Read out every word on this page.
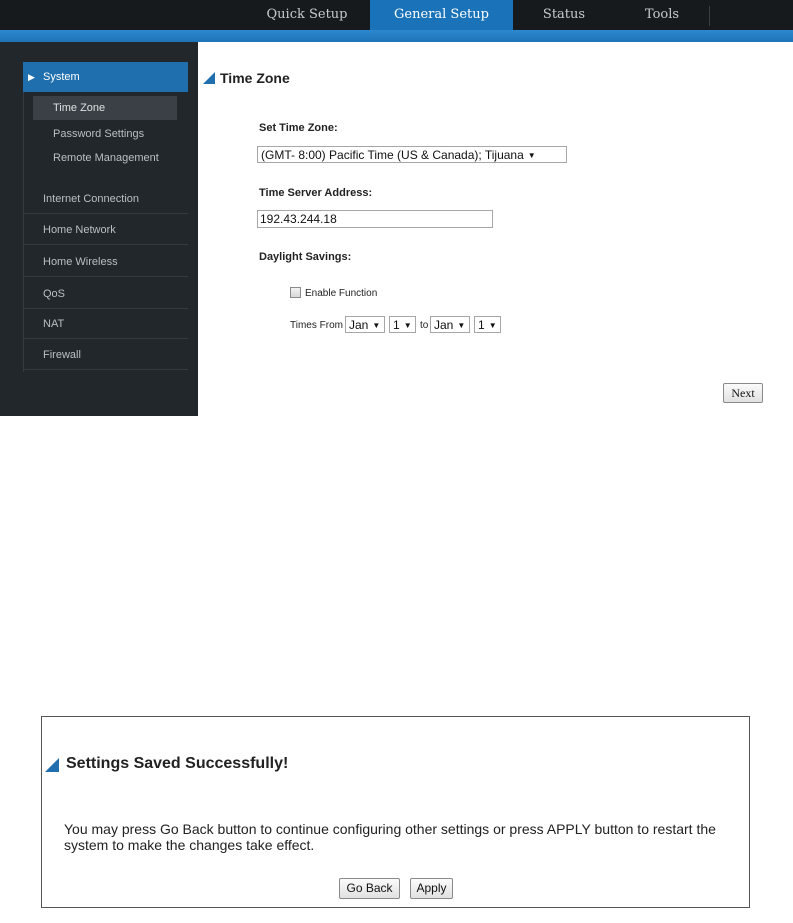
Quick Setup	General Setup	Status	Tools
▶ System
Time Zone
Password Settings
Remote Management
Internet Connection
Home Network
Home Wireless
QoS
NAT
Firewall
Time Zone
Set Time Zone:
(GMT- 8:00) Pacific Time (US & Canada); Tijuana ▼
Time Server Address:
192.43.244.18
Daylight Savings:
Enable Function
Times From Jan ▼	1 ▼ to Jan ▼	1 ▼
Next
Settings Saved Successfully!
You may press Go Back button to continue configuring other settings or press APPLY button to restart the system to make the changes take effect.
Go Back	Apply
